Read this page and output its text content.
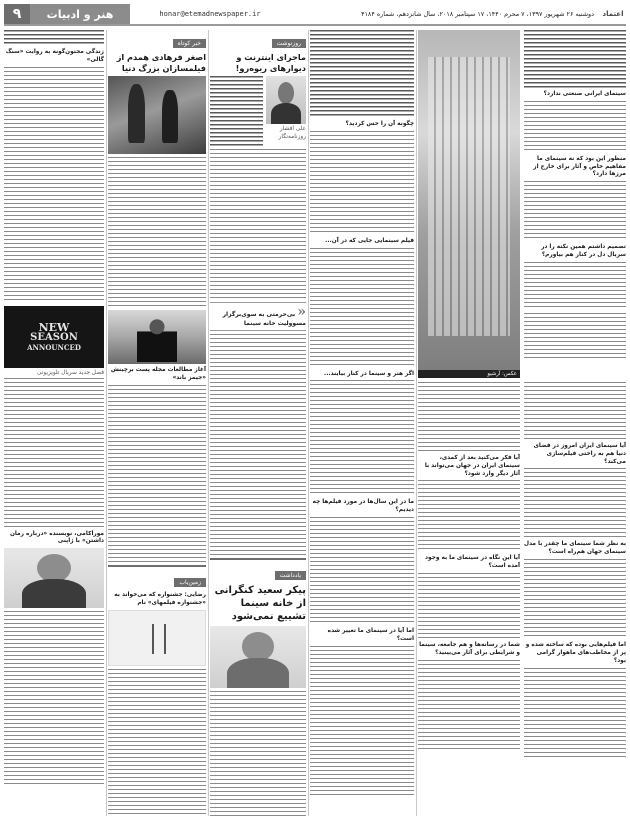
۹	هنر و ادبیات	honar@etemadnewspaper.ir	دوشنبه ۲۶ شهریور ۱۳۹۷، ۷ محرم ۱۴۴۰، ۱۷ سپتامبر ۲۰۱۸، سال شانزدهم، شماره ۴۱۸۴	اعتماد
سینمای ایرانی صنعتی ندارد؟
منظور این بود که نه سینمای ما مفاهیم خاص و آثار برای خارج از مرزها دارد؟
تصمیم داشتم همین نکته را در سریال دل در کنار هم بیاورم؟
عکس: آرشیو
آیا سینمای ایران امروز در فضای دنیا هم به راحتی فیلم‌سازی می‌کند؟
به نظر شما سینمای ما چقدر با مدل سینمای جهان هم‌راه است؟
اما فیلم‌هایی بوده که ساخته شده و پر از مخاطب‌های ماهوار گرامی بود؟
آیا فکر می‌کنید بعد از کمدی، سینمای ایران در جهان می‌تواند با آثار دیگر وارد شود؟
آیا این نگاه در سینمای ما به وجود آمده است؟
شما در رسانه‌ها و هم جامعه، سینما و شرایطی برای آثار می‌بینید؟
چگونه آن را حس کردید؟
فیلم سینمایی جایی که در آن...
اگر هنر و سینما در کنار بیایند...
ما در این سال‌ها در مورد فیلم‌ها چه دیدیم؟
اما آیا در سینمای ما تغییر شده است؟
روزنوشت
ماجرای اینترنت و دیوارهای ریوه‌رو!
علی افشار
روزنامه‌نگار
« بی‌حرمتی به سوی‌برگزار مسوولیت خانه سینما
یادداشت
پیکر سعید کنگرانی از خانه سینما تشییع نمی‌شود
خبر کوتاه
اصغر فرهادی همدم از فیلمسازان بزرگ دنیا
آغاز مطالعات مجله پست برچینش «جیمز باند»
زمین‌یاب
رضایی: جشنواره که می‌خواند به «جشنواره فیلمهای» نام
زندگی مجنون‌گونه به روایت «سنگ گالی»
NEW
SEASON
ANNOUNCED
فصل جدید سریال تلویزیونی
موراکامی، نویسنده «درباره رمان داشتن» با ژاپنی
